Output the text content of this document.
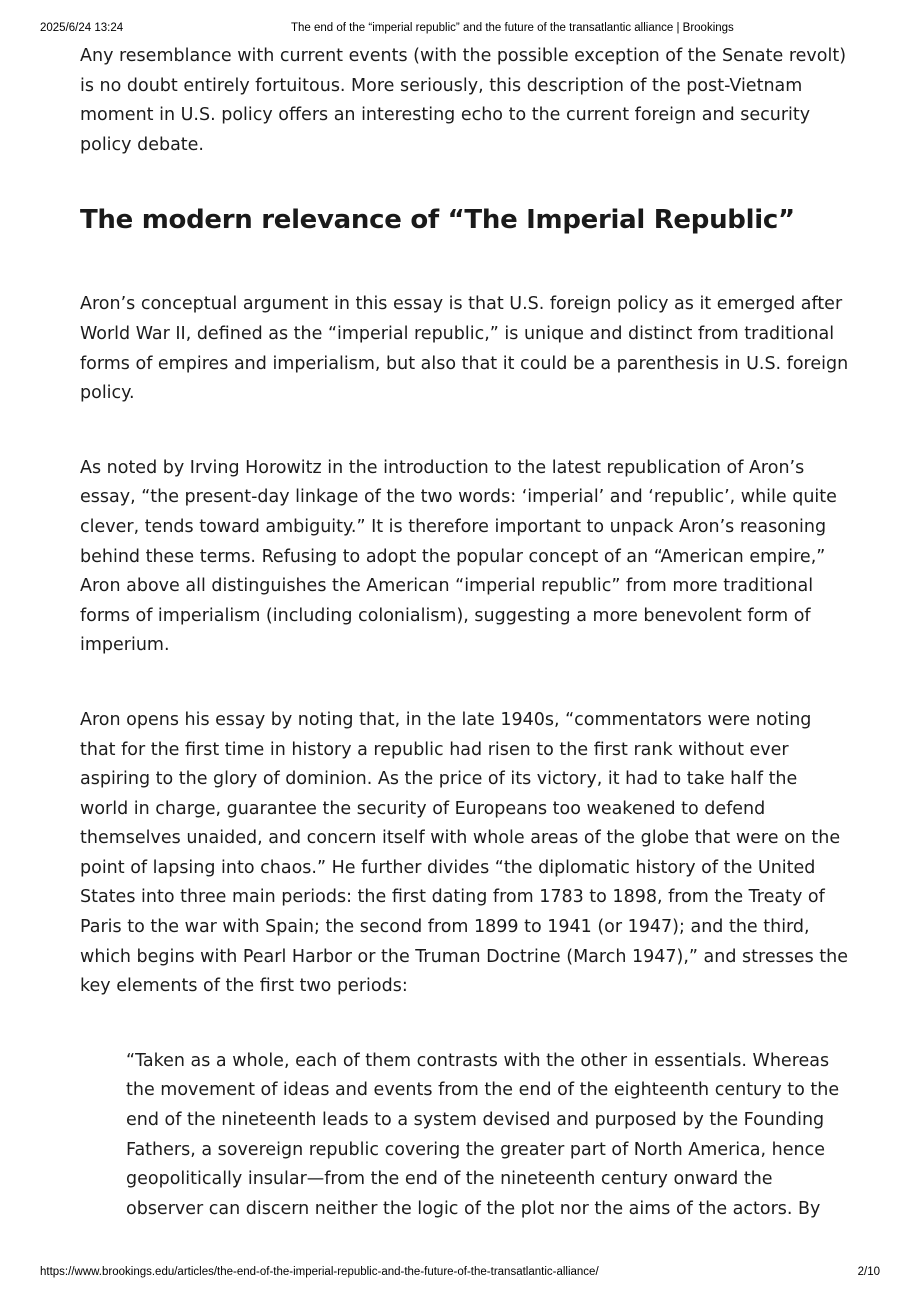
2025/6/24 13:24	The end of the “imperial republic” and the future of the transatlantic alliance | Brookings

Any resemblance with current events (with the possible exception of the Senate revolt) is no doubt entirely fortuitous. More seriously, this description of the post-Vietnam moment in U.S. policy offers an interesting echo to the current foreign and security policy debate.

The modern relevance of “The Imperial Republic”

Aron’s conceptual argument in this essay is that U.S. foreign policy as it emerged after World War II, defined as the “imperial republic,” is unique and distinct from traditional forms of empires and imperialism, but also that it could be a parenthesis in U.S. foreign policy.

As noted by Irving Horowitz in the introduction to the latest republication of Aron’s essay, “the present-day linkage of the two words: ‘imperial’ and ‘republic’, while quite clever, tends toward ambiguity.” It is therefore important to unpack Aron’s reasoning behind these terms. Refusing to adopt the popular concept of an “American empire,” Aron above all distinguishes the American “imperial republic” from more traditional forms of imperialism (including colonialism), suggesting a more benevolent form of imperium.

Aron opens his essay by noting that, in the late 1940s, “commentators were noting that for the first time in history a republic had risen to the first rank without ever aspiring to the glory of dominion. As the price of its victory, it had to take half the world in charge, guarantee the security of Europeans too weakened to defend themselves unaided, and concern itself with whole areas of the globe that were on the point of lapsing into chaos.” He further divides “the diplomatic history of the United States into three main periods: the first dating from 1783 to 1898, from the Treaty of Paris to the war with Spain; the second from 1899 to 1941 (or 1947); and the third, which begins with Pearl Harbor or the Truman Doctrine (March 1947),” and stresses the key elements of the first two periods:

“Taken as a whole, each of them contrasts with the other in essentials. Whereas the movement of ideas and events from the end of the eighteenth century to the end of the nineteenth leads to a system devised and purposed by the Founding Fathers, a sovereign republic covering the greater part of North America, hence geopolitically insular—from the end of the nineteenth century onward the observer can discern neither the logic of the plot nor the aims of the actors. By
https://www.brookings.edu/articles/the-end-of-the-imperial-republic-and-the-future-of-the-transatlantic-alliance/	2/10
